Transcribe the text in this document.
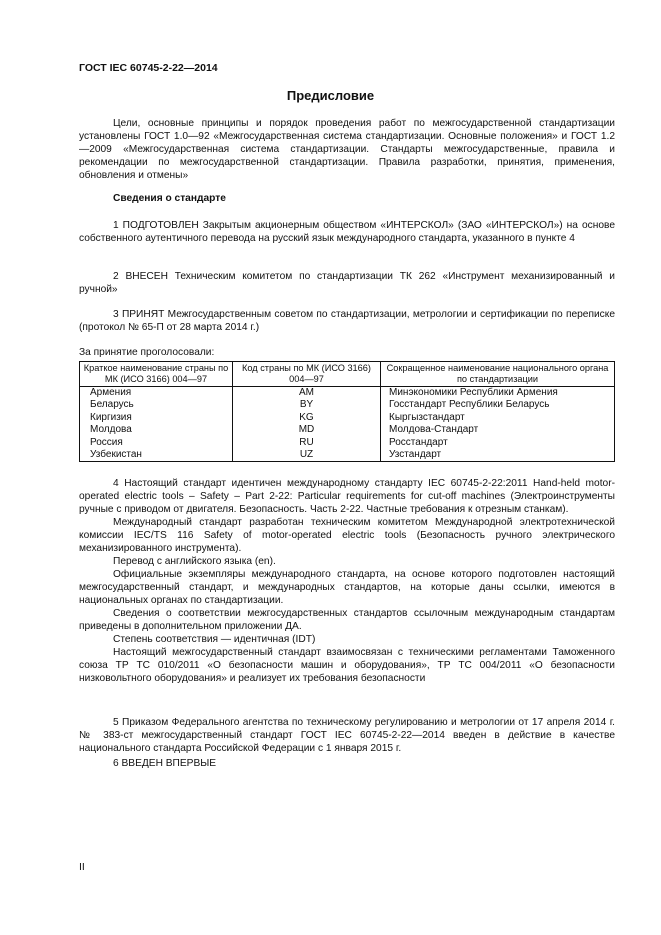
ГОСТ IEC 60745-2-22—2014
Предисловие

Цели, основные принципы и порядок проведения работ по межгосударственной стандартизации установлены ГОСТ 1.0—92 «Межгосударственная система стандартизации. Основные положения» и ГОСТ 1.2—2009 «Межгосударственная система стандартизации. Стандарты межгосударственные, правила и рекомендации по межгосударственной стандартизации. Правила разработки, принятия, применения, обновления и отмены»

Сведения о стандарте

1 ПОДГОТОВЛЕН Закрытым акционерным обществом «ИНТЕРСКОЛ» (ЗАО «ИНТЕРСКОЛ») на основе собственного аутентичного перевода на русский язык международного стандарта, указанного в пункте 4

2 ВНЕСЕН Техническим комитетом по стандартизации ТК 262 «Инструмент механизированный и ручной»

3 ПРИНЯТ Межгосударственным советом по стандартизации, метрологии и сертификации по переписке (протокол № 65-П от 28 марта 2014 г.)

За принятие проголосовали:

Краткое наименование страны по МК (ИСО 3166) 004—97	Код страны по МК (ИСО 3166) 004—97	Сокращенное наименование национального органа по стандартизации
Армения	AM	Минэкономики Республики Армения
Беларусь	BY	Госстандарт Республики Беларусь
Киргизия	KG	Кыргызстандарт
Молдова	MD	Молдова-Стандарт
Россия	RU	Росстандарт
Узбекистан	UZ	Узстандарт

4 Настоящий стандарт идентичен международному стандарту IEC 60745-2-22:2011 Hand-held motor-operated electric tools – Safety – Part 2-22: Particular requirements for cut-off machines (Электроинструменты ручные с приводом от двигателя. Безопасность. Часть 2-22. Частные требования к отрезным станкам).

Международный стандарт разработан техническим комитетом Международной электротехнической комиссии IEC/TS 116 Safety of motor-operated electric tools (Безопасность ручного электрического механизированного инструмента).

Перевод с английского языка (en).

Официальные экземпляры международного стандарта, на основе которого подготовлен настоящий межгосударственный стандарт, и международных стандартов, на которые даны ссылки, имеются в национальных органах по стандартизации.

Сведения о соответствии межгосударственных стандартов ссылочным международным стандартам приведены в дополнительном приложении ДА.

Степень соответствия — идентичная (IDT)

Настоящий межгосударственный стандарт взаимосвязан с техническими регламентами Таможенного союза ТР ТС 010/2011 «О безопасности машин и оборудования», ТР ТС 004/2011 «О безопасности низковольтного оборудования» и реализует их требования безопасности

5 Приказом Федерального агентства по техническому регулированию и метрологии от 17 апреля 2014 г. № 383-ст межгосударственный стандарт ГОСТ IEC 60745-2-22—2014 введен в действие в качестве национального стандарта Российской Федерации с 1 января 2015 г.

6 ВВЕДЕН ВПЕРВЫЕ

II
